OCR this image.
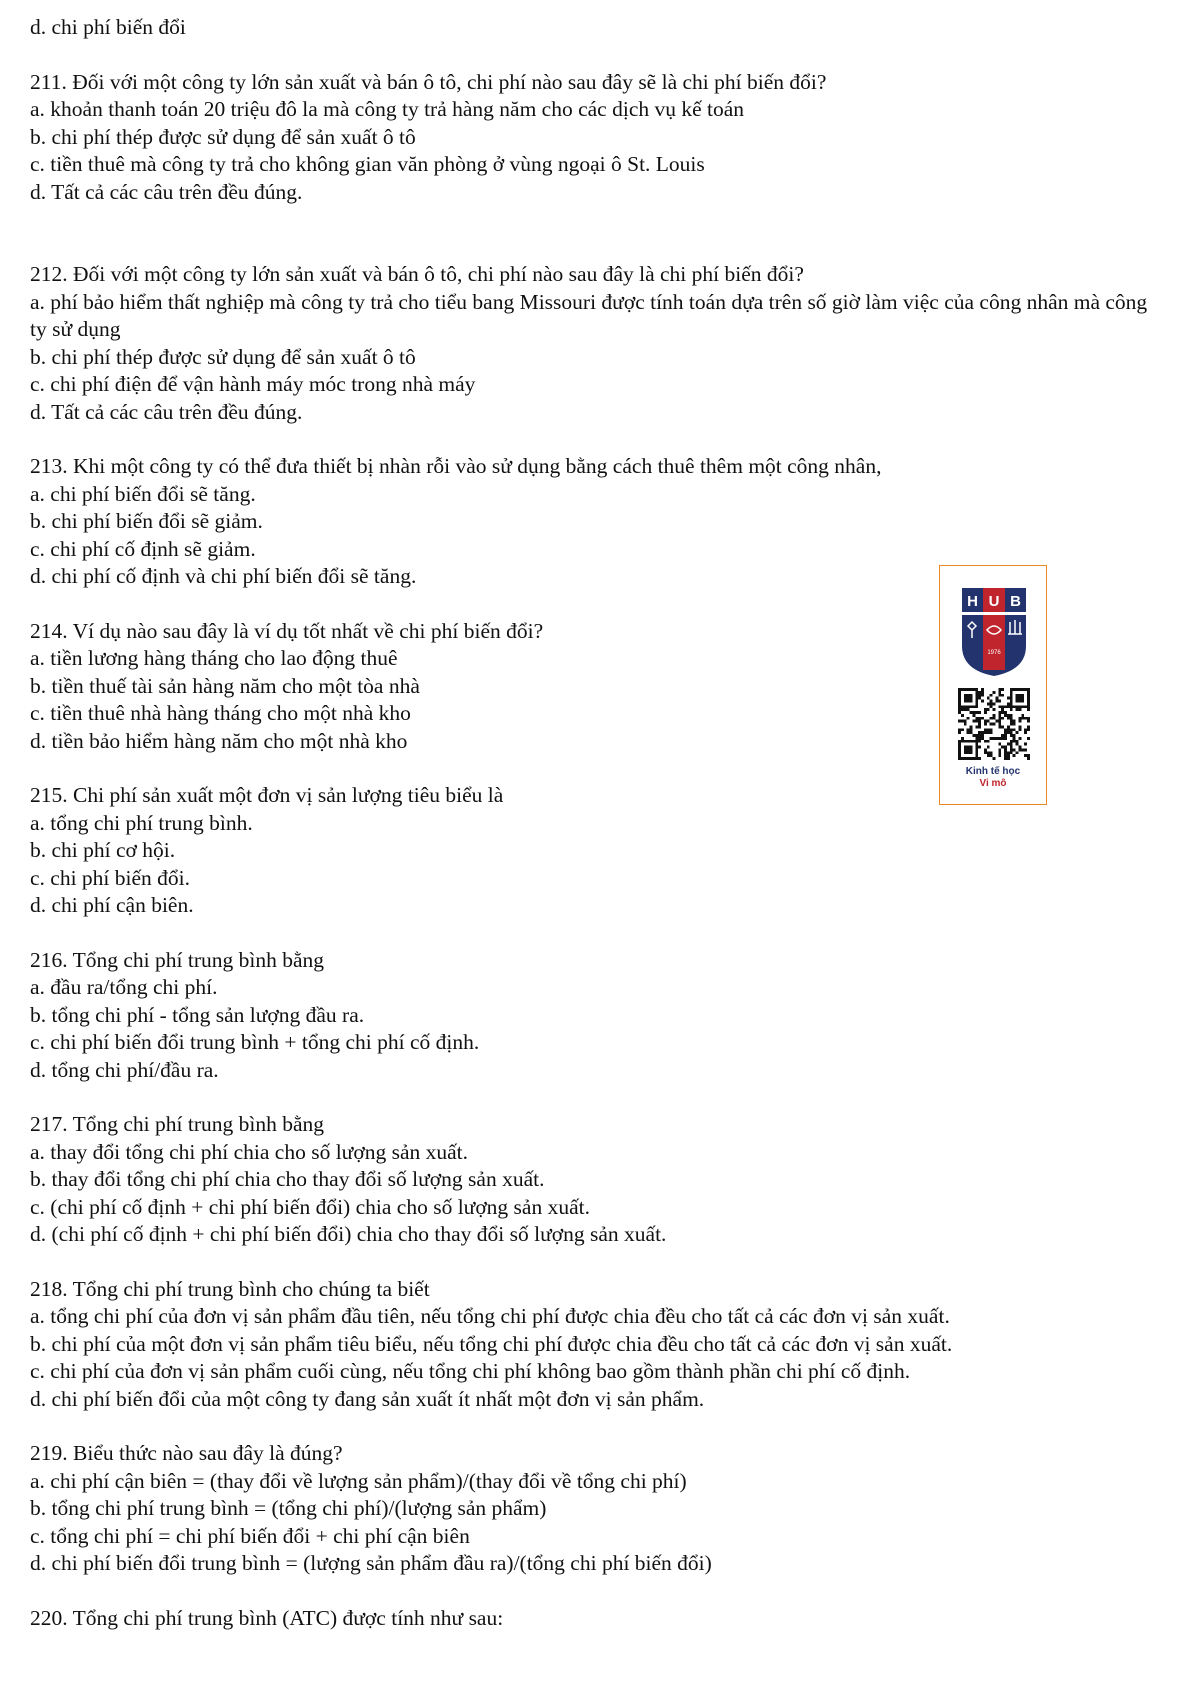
d. chi phí biến đổi

211. Đối với một công ty lớn sản xuất và bán ô tô, chi phí nào sau đây sẽ là chi phí biến đổi?

a. khoản thanh toán 20 triệu đô la mà công ty trả hàng năm cho các dịch vụ kế toán

b. chi phí thép được sử dụng để sản xuất ô tô

c. tiền thuê mà công ty trả cho không gian văn phòng ở vùng ngoại ô St. Louis

d. Tất cả các câu trên đều đúng.

212. Đối với một công ty lớn sản xuất và bán ô tô, chi phí nào sau đây là chi phí biến đổi?

a. phí bảo hiểm thất nghiệp mà công ty trả cho tiểu bang Missouri được tính toán dựa trên số giờ làm việc của công nhân mà công ty sử dụng

b. chi phí thép được sử dụng để sản xuất ô tô

c. chi phí điện để vận hành máy móc trong nhà máy

d. Tất cả các câu trên đều đúng.

213. Khi một công ty có thể đưa thiết bị nhàn rỗi vào sử dụng bằng cách thuê thêm một công nhân,

a. chi phí biến đổi sẽ tăng.

b. chi phí biến đổi sẽ giảm.

c. chi phí cố định sẽ giảm.

d. chi phí cố định và chi phí biến đổi sẽ tăng.

214. Ví dụ nào sau đây là ví dụ tốt nhất về chi phí biến đổi?

a. tiền lương hàng tháng cho lao động thuê

b. tiền thuế tài sản hàng năm cho một tòa nhà

c. tiền thuê nhà hàng tháng cho một nhà kho

d. tiền bảo hiểm hàng năm cho một nhà kho

215. Chi phí sản xuất một đơn vị sản lượng tiêu biểu là

a. tổng chi phí trung bình.

b. chi phí cơ hội.

c. chi phí biến đổi.

d. chi phí cận biên.

216. Tổng chi phí trung bình bằng

a. đầu ra/tổng chi phí.

b. tổng chi phí - tổng sản lượng đầu ra.

c. chi phí biến đổi trung bình + tổng chi phí cố định.

d. tổng chi phí/đầu ra.

217. Tổng chi phí trung bình bằng

a. thay đổi tổng chi phí chia cho số lượng sản xuất.

b. thay đổi tổng chi phí chia cho thay đổi số lượng sản xuất.

c. (chi phí cố định + chi phí biến đổi) chia cho số lượng sản xuất.

d. (chi phí cố định + chi phí biến đổi) chia cho thay đổi số lượng sản xuất.

218. Tổng chi phí trung bình cho chúng ta biết

a. tổng chi phí của đơn vị sản phẩm đầu tiên, nếu tổng chi phí được chia đều cho tất cả các đơn vị sản xuất.

b. chi phí của một đơn vị sản phẩm tiêu biểu, nếu tổng chi phí được chia đều cho tất cả các đơn vị sản xuất.

c. chi phí của đơn vị sản phẩm cuối cùng, nếu tổng chi phí không bao gồm thành phần chi phí cố định.

d. chi phí biến đổi của một công ty đang sản xuất ít nhất một đơn vị sản phẩm.

219. Biểu thức nào sau đây là đúng?

a. chi phí cận biên = (thay đổi về lượng sản phẩm)/(thay đổi về tổng chi phí)

b. tổng chi phí trung bình = (tổng chi phí)/(lượng sản phẩm)

c. tổng chi phí = chi phí biến đổi + chi phí cận biên

d. chi phí biến đổi trung bình = (lượng sản phẩm đầu ra)/(tổng chi phí biến đổi)

220. Tổng chi phí trung bình (ATC) được tính như sau:

H U B
1976
Kinh tế học
Vi mô
